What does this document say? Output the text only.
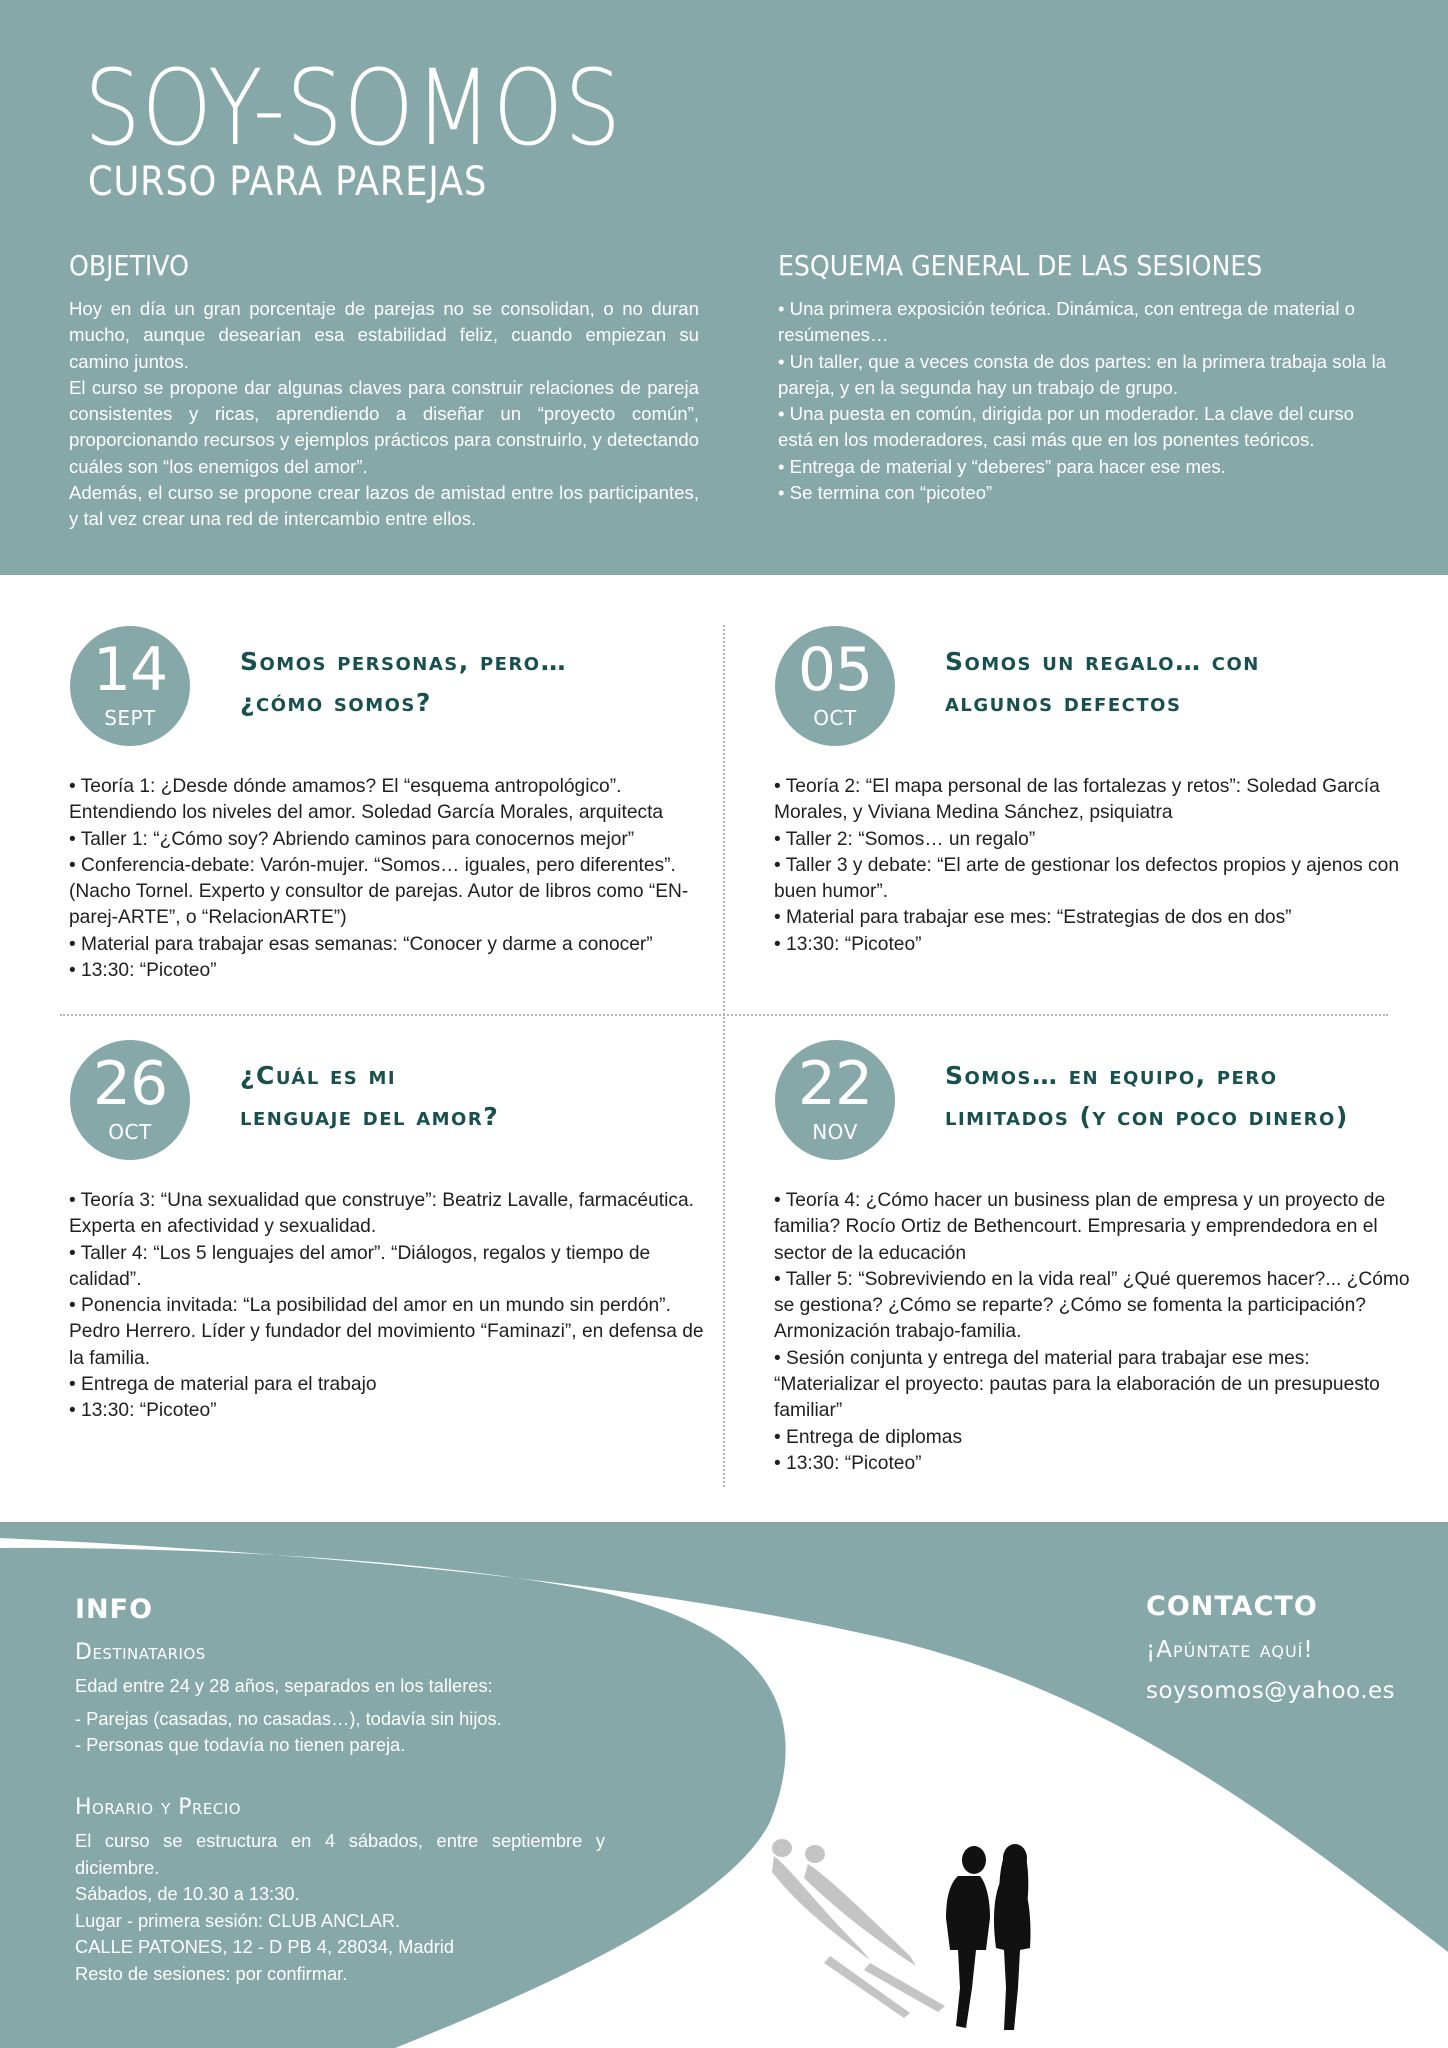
SOY-SOMOS
CURSO PARA PAREJAS
OBJETIVO

Hoy en día un gran porcentaje de parejas no se consolidan, o no duran mucho, aunque desearían esa estabilidad feliz, cuando empiezan su camino juntos.

El curso se propone dar algunas claves para construir relaciones de pareja consistentes y ricas, aprendiendo a diseñar un “proyecto común”, proporcionando recursos y ejemplos prácticos para construirlo, y detectando cuáles son “los enemigos del amor”.

Además, el curso se propone crear lazos de amistad entre los participantes, y tal vez crear una red de intercambio entre ellos.

ESQUEMA GENERAL DE LAS SESIONES

• Una primera exposición teórica. Dinámica, con entrega de material o resúmenes…

• Un taller, que a veces consta de dos partes: en la primera trabaja sola la pareja, y en la segunda hay un trabajo de grupo.

• Una puesta en común, dirigida por un moderador. La clave del curso está en los moderadores, casi más que en los ponentes teóricos.

• Entrega de material y “deberes” para hacer ese mes.

• Se termina con “picoteo”

14
SEPT
Somos personas, pero…
¿cómo somos?

• Teoría 1: ¿Desde dónde amamos? El “esquema antropológico”. Entendiendo los niveles del amor. Soledad García Morales, arquitecta

• Taller 1: “¿Cómo soy? Abriendo caminos para conocernos mejor”

• Conferencia-debate: Varón-mujer. “Somos… iguales, pero diferentes”. (Nacho Tornel. Experto y consultor de parejas. Autor de libros como “EN-parej-ARTE”, o “RelacionARTE”)

• Material para trabajar esas semanas: “Conocer y darme a conocer”

• 13:30: “Picoteo”

05
OCT
Somos un regalo… con
algunos defectos

• Teoría 2: “El mapa personal de las fortalezas y retos”: Soledad García Morales, y Viviana Medina Sánchez, psiquiatra

• Taller 2: “Somos… un regalo”

• Taller 3 y debate: “El arte de gestionar los defectos propios y ajenos con buen humor”.

• Material para trabajar ese mes: “Estrategias de dos en dos”

• 13:30: “Picoteo”

26
OCT
¿Cuál es mi
lenguaje del amor?

• Teoría 3: “Una sexualidad que construye”: Beatriz Lavalle, farmacéutica. Experta en afectividad y sexualidad.

• Taller 4: “Los 5 lenguajes del amor”. “Diálogos, regalos y tiempo de calidad”.

• Ponencia invitada: “La posibilidad del amor en un mundo sin perdón”. Pedro Herrero. Líder y fundador del movimiento “Faminazi”, en defensa de la familia.

• Entrega de material para el trabajo

• 13:30: “Picoteo”

22
NOV
Somos… en equipo, pero
limitados (y con poco dinero)

• Teoría 4: ¿Cómo hacer un business plan de empresa y un proyecto de familia? Rocío Ortiz de Bethencourt. Empresaria y emprendedora en el sector de la educación

• Taller 5: “Sobreviviendo en la vida real” ¿Qué queremos hacer?... ¿Cómo se gestiona? ¿Cómo se reparte? ¿Cómo se fomenta la participación? Armonización trabajo-familia.

• Sesión conjunta y entrega del material para trabajar ese mes: “Materializar el proyecto: pautas para la elaboración de un presupuesto familiar”

• Entrega de diplomas

• 13:30: “Picoteo”

INFO
Destinatarios

Edad entre 24 y 28 años, separados en los talleres:

- Parejas (casadas, no casadas…), todavía sin hijos.

- Personas que todavía no tienen pareja.

Horario y Precio

El curso se estructura en 4 sábados, entre septiembre y diciembre.

Sábados, de 10.30 a 13:30.

Lugar - primera sesión: CLUB ANCLAR.

CALLE PATONES, 12 - D PB 4, 28034, Madrid

Resto de sesiones: por confirmar.

CONTACTO
¡Apúntate aquí!
soysomos@yahoo.es
